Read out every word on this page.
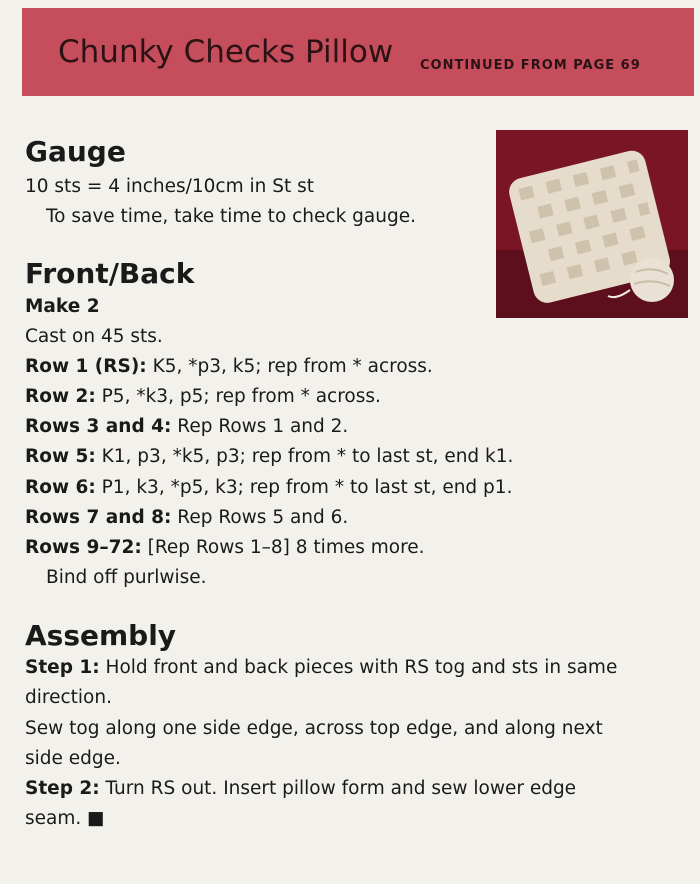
Chunky Checks Pillow CONTINUED FROM PAGE 69
Gauge
10 sts = 4 inches/10cm in St st
To save time, take time to check gauge.
Front/Back
Make 2
Cast on 45 sts.
Row 1 (RS): K5, *p3, k5; rep from * across.
Row 2: P5, *k3, p5; rep from * across.
Rows 3 and 4: Rep Rows 1 and 2.
Row 5: K1, p3, *k5, p3; rep from * to last st, end k1.
Row 6: P1, k3, *p5, k3; rep from * to last st, end p1.
Rows 7 and 8: Rep Rows 5 and 6.
Rows 9–72: [Rep Rows 1–8] 8 times more.
Bind off purlwise.
Assembly
Step 1: Hold front and back pieces with RS tog and sts in same
direction.
Sew tog along one side edge, across top edge, and along next
side edge.
Step 2: Turn RS out. Insert pillow form and sew lower edge
seam. ■
